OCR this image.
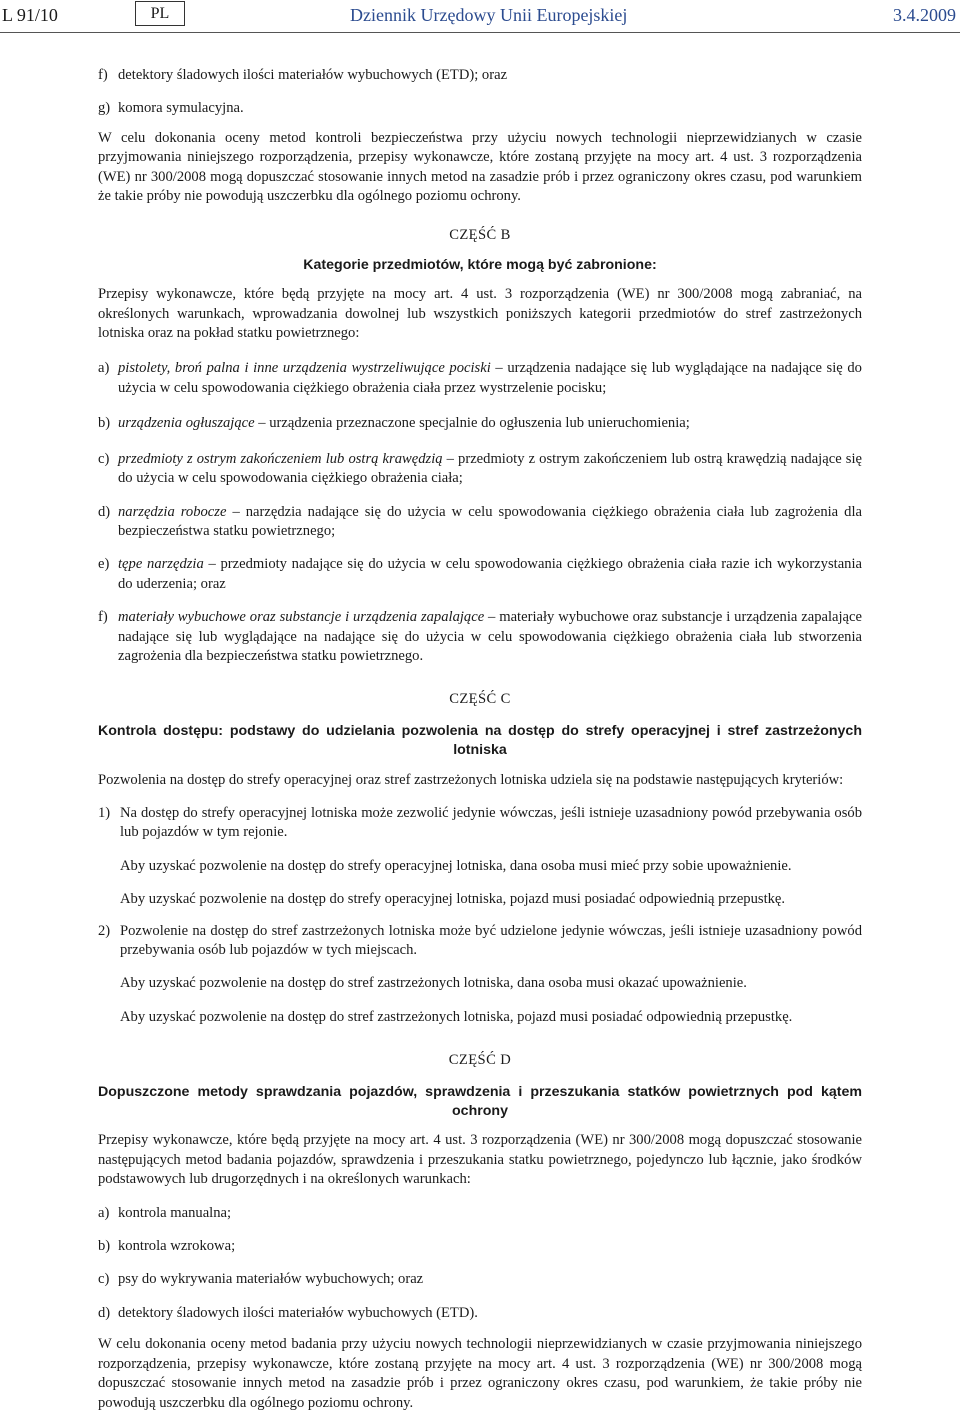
L 91/10	PL	Dziennik Urzędowy Unii Europejskiej	3.4.2009
f) detektory śladowych ilości materiałów wybuchowych (ETD); oraz
g) komora symulacyjna.

W celu dokonania oceny metod kontroli bezpieczeństwa przy użyciu nowych technologii nieprzewidzianych w czasie przyjmowania niniejszego rozporządzenia, przepisy wykonawcze, które zostaną przyjęte na mocy art. 4 ust. 3 rozporządzenia (WE) nr 300/2008 mogą dopuszczać stosowanie innych metod na zasadzie prób i przez ograniczony okres czasu, pod warunkiem że takie próby nie powodują uszczerbku dla ogólnego poziomu ochrony.

CZĘŚĆ B

Kategorie przedmiotów, które mogą być zabronione:

Przepisy wykonawcze, które będą przyjęte na mocy art. 4 ust. 3 rozporządzenia (WE) nr 300/2008 mogą zabraniać, na określonych warunkach, wprowadzania dowolnej lub wszystkich poniższych kategorii przedmiotów do stref zastrzeżonych lotniska oraz na pokład statku powietrznego:

a) pistolety, broń palna i inne urządzenia wystrzeliwujące pociski – urządzenia nadające się lub wyglądające na nadające się do użycia w celu spowodowania ciężkiego obrażenia ciała przez wystrzelenie pocisku;
b) urządzenia ogłuszające – urządzenia przeznaczone specjalnie do ogłuszenia lub unieruchomienia;
c) przedmioty z ostrym zakończeniem lub ostrą krawędzią – przedmioty z ostrym zakończeniem lub ostrą krawędzią nadające się do użycia w celu spowodowania ciężkiego obrażenia ciała;
d) narzędzia robocze – narzędzia nadające się do użycia w celu spowodowania ciężkiego obrażenia ciała lub zagrożenia dla bezpieczeństwa statku powietrznego;
e) tępe narzędzia – przedmioty nadające się do użycia w celu spowodowania ciężkiego obrażenia ciała razie ich wykorzystania do uderzenia; oraz
f) materiały wybuchowe oraz substancje i urządzenia zapalające – materiały wybuchowe oraz substancje i urządzenia zapalające nadające się lub wyglądające na nadające się do użycia w celu spowodowania ciężkiego obrażenia ciała lub stworzenia zagrożenia dla bezpieczeństwa statku powietrznego.

CZĘŚĆ C

Kontrola dostępu: podstawy do udzielania pozwolenia na dostęp do strefy operacyjnej i stref zastrzeżonych lotniska

Pozwolenia na dostęp do strefy operacyjnej oraz stref zastrzeżonych lotniska udziela się na podstawie następujących kryteriów:

1) Na dostęp do strefy operacyjnej lotniska może zezwolić jedynie wówczas, jeśli istnieje uzasadniony powód przebywania osób lub pojazdów w tym rejonie.

Aby uzyskać pozwolenie na dostęp do strefy operacyjnej lotniska, dana osoba musi mieć przy sobie upoważnienie.

Aby uzyskać pozwolenie na dostęp do strefy operacyjnej lotniska, pojazd musi posiadać odpowiednią przepustkę.

2) Pozwolenie na dostęp do stref zastrzeżonych lotniska może być udzielone jedynie wówczas, jeśli istnieje uzasadniony powód przebywania osób lub pojazdów w tych miejscach.

Aby uzyskać pozwolenie na dostęp do stref zastrzeżonych lotniska, dana osoba musi okazać upoważnienie.

Aby uzyskać pozwolenie na dostęp do stref zastrzeżonych lotniska, pojazd musi posiadać odpowiednią przepustkę.

CZĘŚĆ D

Dopuszczone metody sprawdzania pojazdów, sprawdzenia i przeszukania statków powietrznych pod kątem ochrony

Przepisy wykonawcze, które będą przyjęte na mocy art. 4 ust. 3 rozporządzenia (WE) nr 300/2008 mogą dopuszczać stosowanie następujących metod badania pojazdów, sprawdzenia i przeszukania statku powietrznego, pojedynczo lub łącznie, jako środków podstawowych lub drugorzędnych i na określonych warunkach:

a) kontrola manualna;
b) kontrola wzrokowa;
c) psy do wykrywania materiałów wybuchowych; oraz
d) detektory śladowych ilości materiałów wybuchowych (ETD).

W celu dokonania oceny metod badania przy użyciu nowych technologii nieprzewidzianych w czasie przyjmowania niniejszego rozporządzenia, przepisy wykonawcze, które zostaną przyjęte na mocy art. 4 ust. 3 rozporządzenia (WE) nr 300/2008 mogą dopuszczać stosowanie innych metod na zasadzie prób i przez ograniczony okres czasu, pod warunkiem, że takie próby nie powodują uszczerbku dla ogólnego poziomu ochrony.
